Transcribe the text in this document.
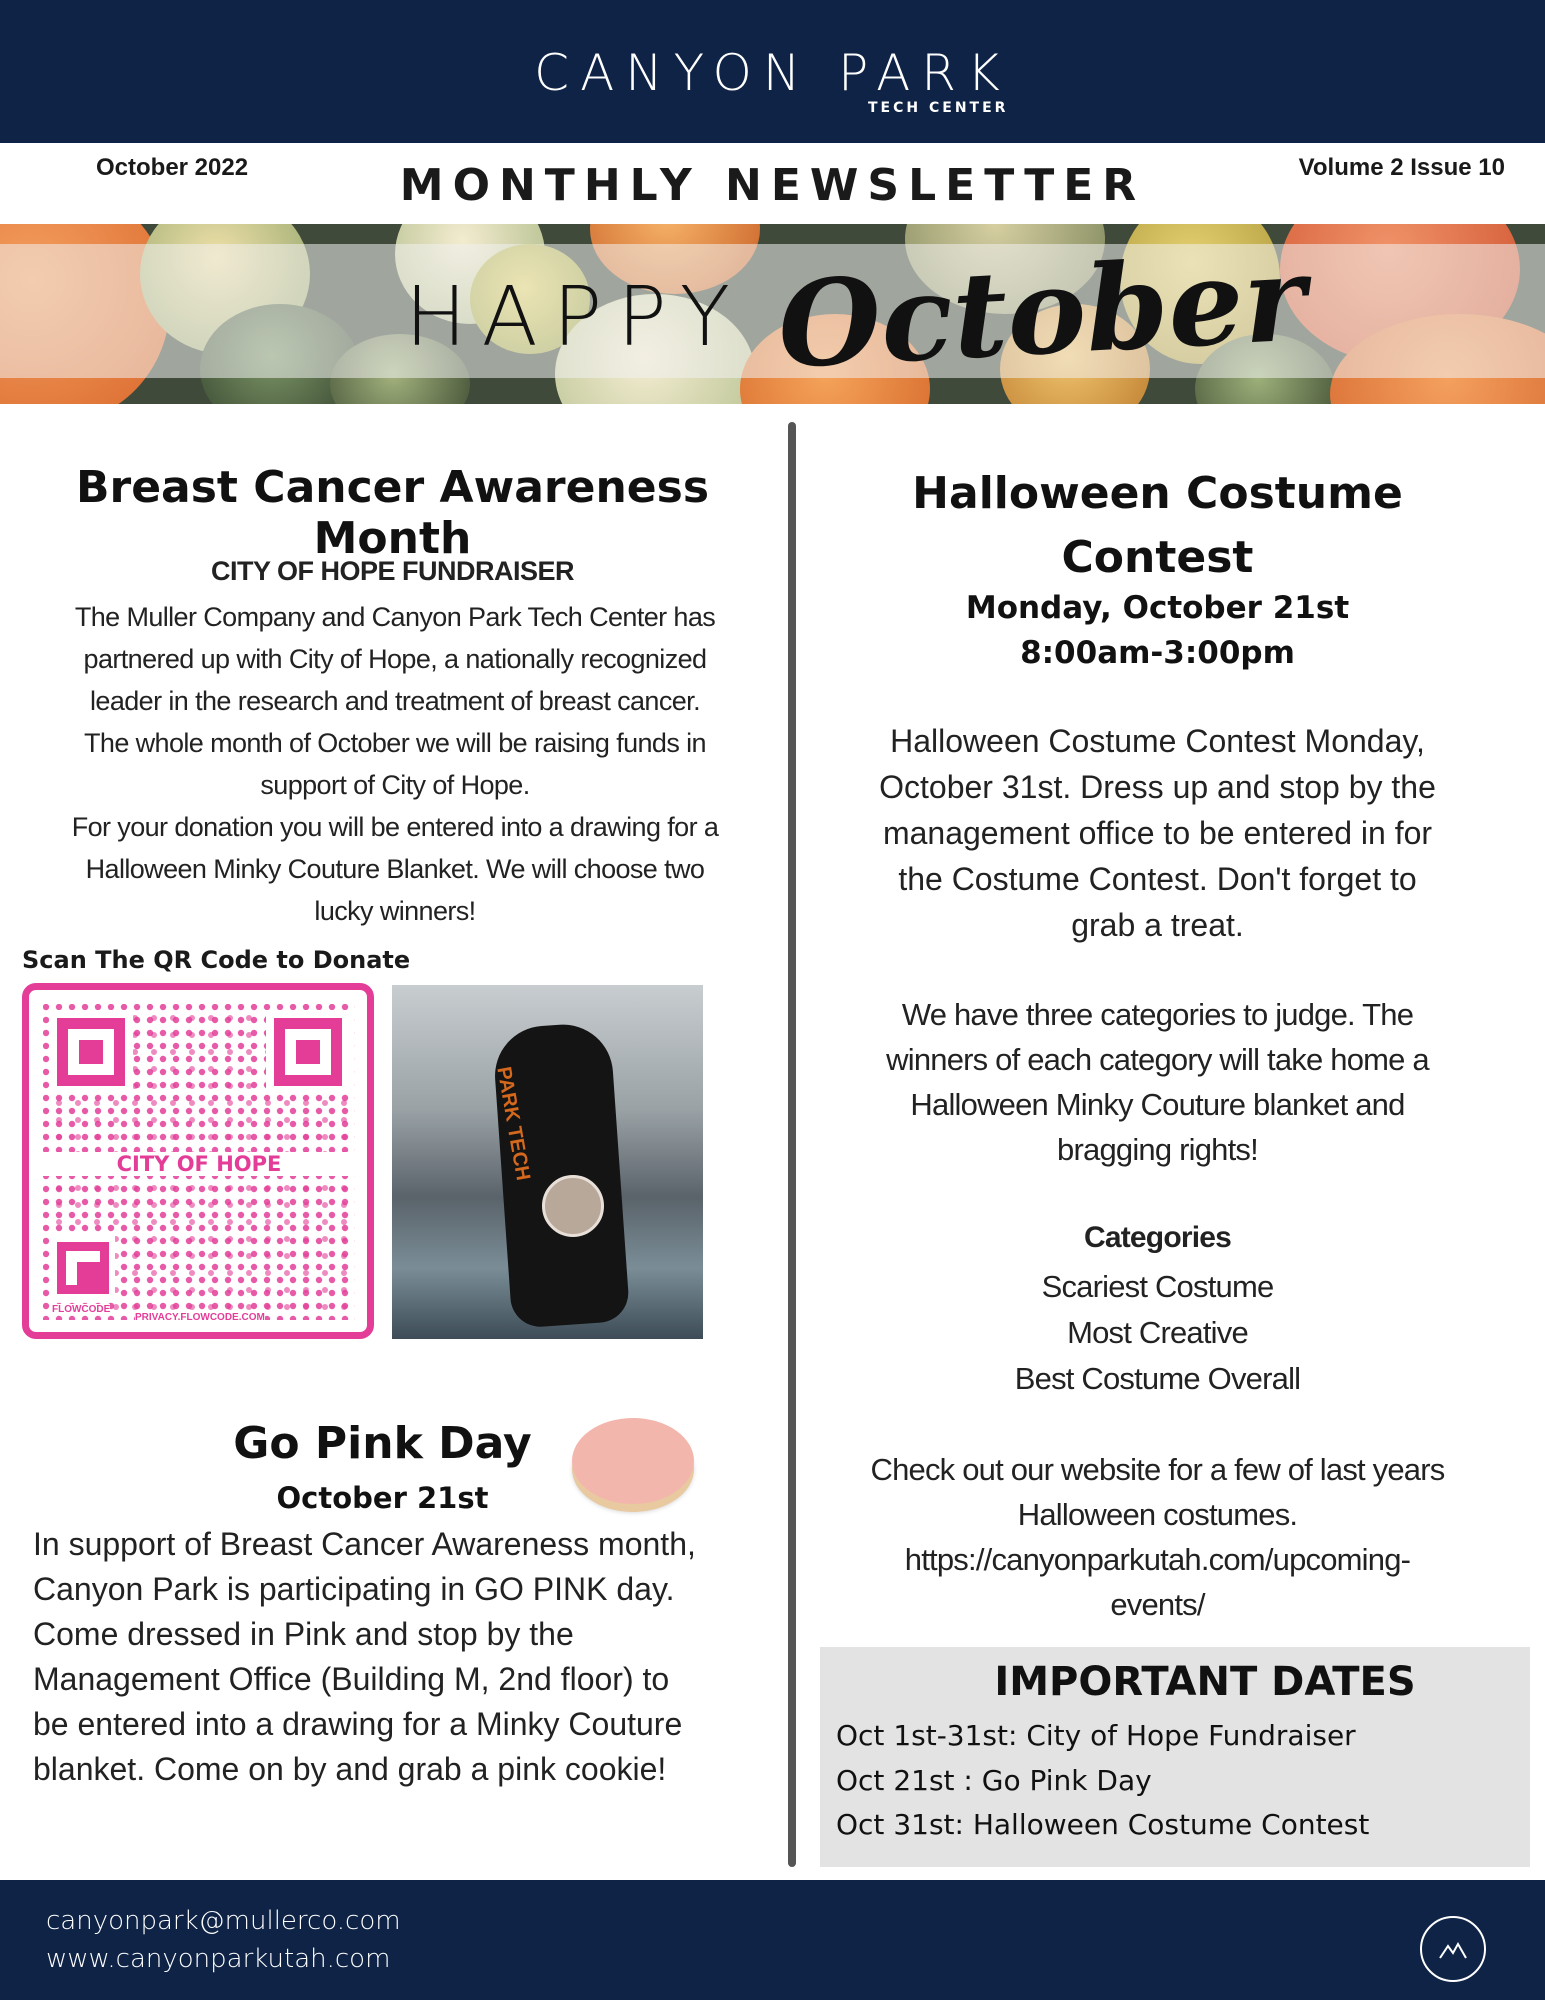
CANYON PARK
TECH CENTER
October 2022	MONTHLY NEWSLETTER	Volume 2 Issue 10
HAPPY October
Breast Cancer Awareness Month
CITY OF HOPE FUNDRAISER
The Muller Company and Canyon Park Tech Center has
partnered up with City of Hope, a nationally recognized
leader in the research and treatment of breast cancer.
The whole month of October we will be raising funds in
support of City of Hope.
For your donation you will be entered into a drawing for a
Halloween Minky Couture Blanket. We will choose two
lucky winners!
Scan The QR Code to Donate
CITY OF HOPE
FLOWCODE
PRIVACY.FLOWCODE.COM
PARK TECH
Go Pink Day
October 21st
In support of Breast Cancer Awareness month,
Canyon Park is participating in GO PINK day.
Come dressed in Pink and stop by the
Management Office (Building M, 2nd floor) to
be entered into a drawing for a Minky Couture
blanket. Come on by and grab a pink cookie!
Halloween Costume
Contest
Monday, October 21st
8:00am-3:00pm
Halloween Costume Contest Monday,
October 31st. Dress up and stop by the
management office to be entered in for
the Costume Contest. Don't forget to
grab a treat.
We have three categories to judge. The
winners of each category will take home a
Halloween Minky Couture blanket and
bragging rights!
Categories
Scariest Costume
Most Creative
Best Costume Overall
Check out our website for a few of last years
Halloween costumes.
https://canyonparkutah.com/upcoming-
events/
IMPORTANT DATES
Oct 1st-31st: City of Hope Fundraiser
Oct 21st : Go Pink Day
Oct 31st: Halloween Costume Contest
canyonpark@mullerco.com
www.canyonparkutah.com
